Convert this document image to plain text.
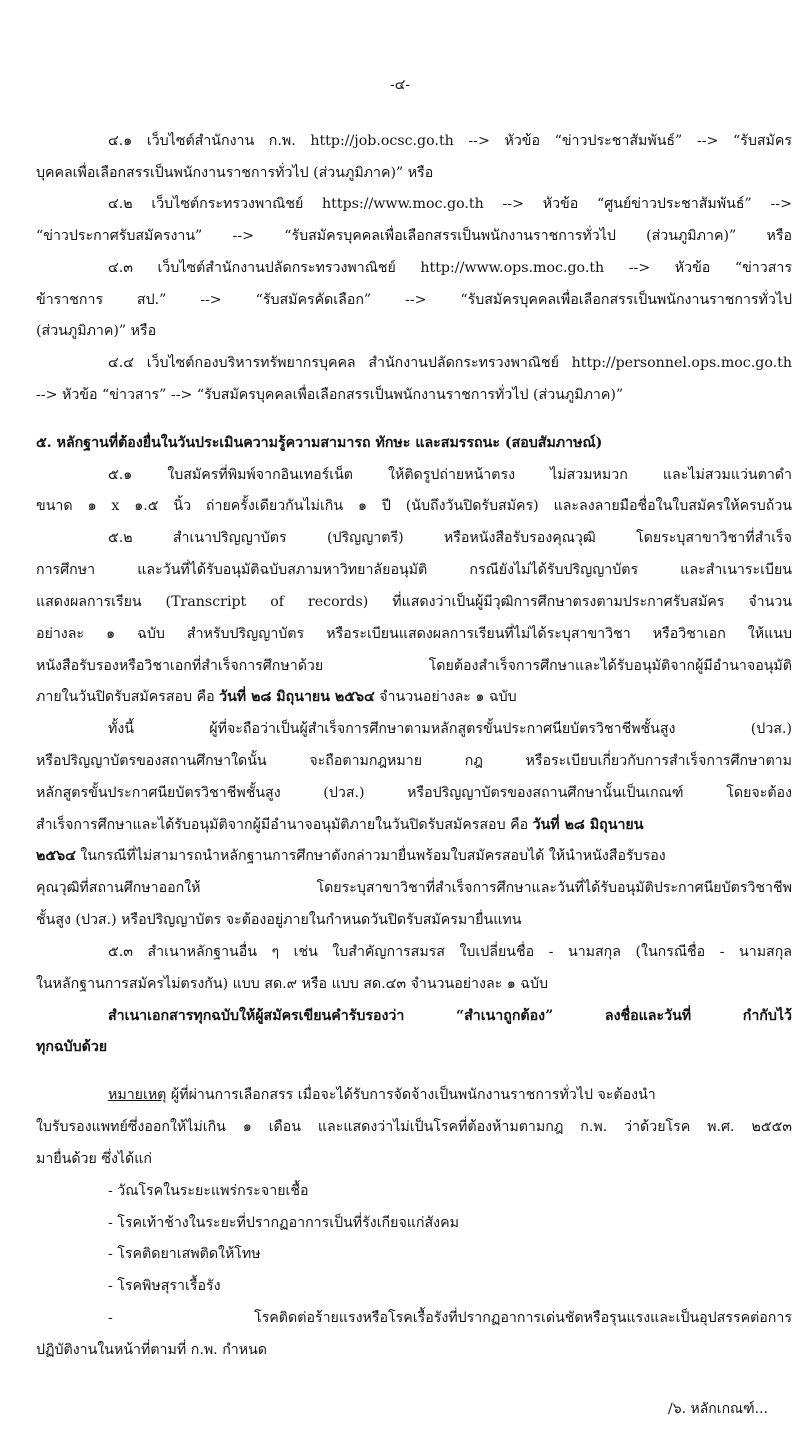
-๔-
๔.๑ เว็บไซต์สำนักงาน ก.พ. http://job.ocsc.go.th --> หัวข้อ “ข่าวประชาสัมพันธ์” --> “รับสมัคร
บุคคลเพื่อเลือกสรรเป็นพนักงานราชการทั่วไป (ส่วนภูมิภาค)” หรือ
๔.๒ เว็บไซต์กระทรวงพาณิชย์ https://www.moc.go.th --> หัวข้อ “ศูนย์ข่าวประชาสัมพันธ์” -->
“ข่าวประกาศรับสมัครงาน” --> “รับสมัครบุคคลเพื่อเลือกสรรเป็นพนักงานราชการทั่วไป (ส่วนภูมิภาค)” หรือ
๔.๓ เว็บไซต์สำนักงานปลัดกระทรวงพาณิชย์ http://www.ops.moc.go.th --> หัวข้อ “ข่าวสาร
ข้าราชการ สป.” --> “รับสมัครคัดเลือก” --> “รับสมัครบุคคลเพื่อเลือกสรรเป็นพนักงานราชการทั่วไป
(ส่วนภูมิภาค)” หรือ
๔.๔ เว็บไซต์กองบริหารทรัพยากรบุคคล สำนักงานปลัดกระทรวงพาณิชย์ http://personnel.ops.moc.go.th
--> หัวข้อ “ข่าวสาร” --> “รับสมัครบุคคลเพื่อเลือกสรรเป็นพนักงานราชการทั่วไป (ส่วนภูมิภาค)”
๕. หลักฐานที่ต้องยื่นในวันประเมินความรู้ความสามารถ ทักษะ และสมรรถนะ (สอบสัมภาษณ์)
๕.๑ ใบสมัครที่พิมพ์จากอินเทอร์เน็ต ให้ติดรูปถ่ายหน้าตรง ไม่สวมหมวก และไม่สวมแว่นตาดำ
ขนาด ๑ x ๑.๕ นิ้ว ถ่ายครั้งเดียวกันไม่เกิน ๑ ปี (นับถึงวันปิดรับสมัคร) และลงลายมือชื่อในใบสมัครให้ครบถ้วน
๕.๒ สำเนาปริญญาบัตร (ปริญญาตรี) หรือหนังสือรับรองคุณวุฒิ โดยระบุสาขาวิชาที่สำเร็จ
การศึกษา และวันที่ได้รับอนุมัติฉบับสภามหาวิทยาลัยอนุมัติ กรณียังไม่ได้รับปริญญาบัตร และสำเนาระเบียน
แสดงผลการเรียน (Transcript of records) ที่แสดงว่าเป็นผู้มีวุฒิการศึกษาตรงตามประกาศรับสมัคร จำนวน
อย่างละ ๑ ฉบับ สำหรับปริญญาบัตร หรือระเบียนแสดงผลการเรียนที่ไม่ได้ระบุสาขาวิชา หรือวิชาเอก ให้แนบ
หนังสือรับรองหรือวิชาเอกที่สำเร็จการศึกษาด้วย โดยต้องสำเร็จการศึกษาและได้รับอนุมัติจากผู้มีอำนาจอนุมัติ
ภายในวันปิดรับสมัครสอบ คือ วันที่ ๒๘ มิถุนายน ๒๕๖๔ จำนวนอย่างละ ๑ ฉบับ
ทั้งนี้ ผู้ที่จะถือว่าเป็นผู้สำเร็จการศึกษาตามหลักสูตรขั้นประกาศนียบัตรวิชาชีพชั้นสูง (ปวส.)
หรือปริญญาบัตรของสถานศึกษาใดนั้น จะถือตามกฎหมาย กฎ หรือระเบียบเกี่ยวกับการสำเร็จการศึกษาตาม
หลักสูตรขั้นประกาศนียบัตรวิชาชีพชั้นสูง (ปวส.) หรือปริญญาบัตรของสถานศึกษานั้นเป็นเกณฑ์ โดยจะต้อง
สำเร็จการศึกษาและได้รับอนุมัติจากผู้มีอำนาจอนุมัติภายในวันปิดรับสมัครสอบ คือ วันที่ ๒๘ มิถุนายน
๒๕๖๔ ในกรณีที่ไม่สามารถนำหลักฐานการศึกษาดังกล่าวมายื่นพร้อมใบสมัครสอบได้ ให้นำหนังสือรับรอง
คุณวุฒิที่สถานศึกษาออกให้ โดยระบุสาขาวิชาที่สำเร็จการศึกษาและวันที่ได้รับอนุมัติประกาศนียบัตรวิชาชีพ
ชั้นสูง (ปวส.) หรือปริญญาบัตร จะต้องอยู่ภายในกำหนดวันปิดรับสมัครมายื่นแทน
๕.๓ สำเนาหลักฐานอื่น ๆ เช่น ใบสำคัญการสมรส ใบเปลี่ยนชื่อ - นามสกุล (ในกรณีชื่อ - นามสกุล
ในหลักฐานการสมัครไม่ตรงกัน) แบบ สด.๙ หรือ แบบ สด.๔๓ จำนวนอย่างละ ๑ ฉบับ
สำเนาเอกสารทุกฉบับให้ผู้สมัครเขียนคำรับรองว่า “สำเนาถูกต้อง” ลงชื่อและวันที่ กำกับไว้
ทุกฉบับด้วย
หมายเหตุ ผู้ที่ผ่านการเลือกสรร เมื่อจะได้รับการจัดจ้างเป็นพนักงานราชการทั่วไป จะต้องนำ
ใบรับรองแพทย์ซึ่งออกให้ไม่เกิน ๑ เดือน และแสดงว่าไม่เป็นโรคที่ต้องห้ามตามกฎ ก.พ. ว่าด้วยโรค พ.ศ. ๒๕๕๓
มายื่นด้วย ซึ่งได้แก่
- วัณโรคในระยะแพร่กระจายเชื้อ
- โรคเท้าช้างในระยะที่ปรากฏอาการเป็นที่รังเกียจแก่สังคม
- โรคติดยาเสพติดให้โทษ
- โรคพิษสุราเรื้อรัง
- โรคติดต่อร้ายแรงหรือโรคเรื้อรังที่ปรากฏอาการเด่นชัดหรือรุนแรงและเป็นอุปสรรคต่อการ
ปฏิบัติงานในหน้าที่ตามที่ ก.พ. กำหนด
/๖. หลักเกณฑ์...
